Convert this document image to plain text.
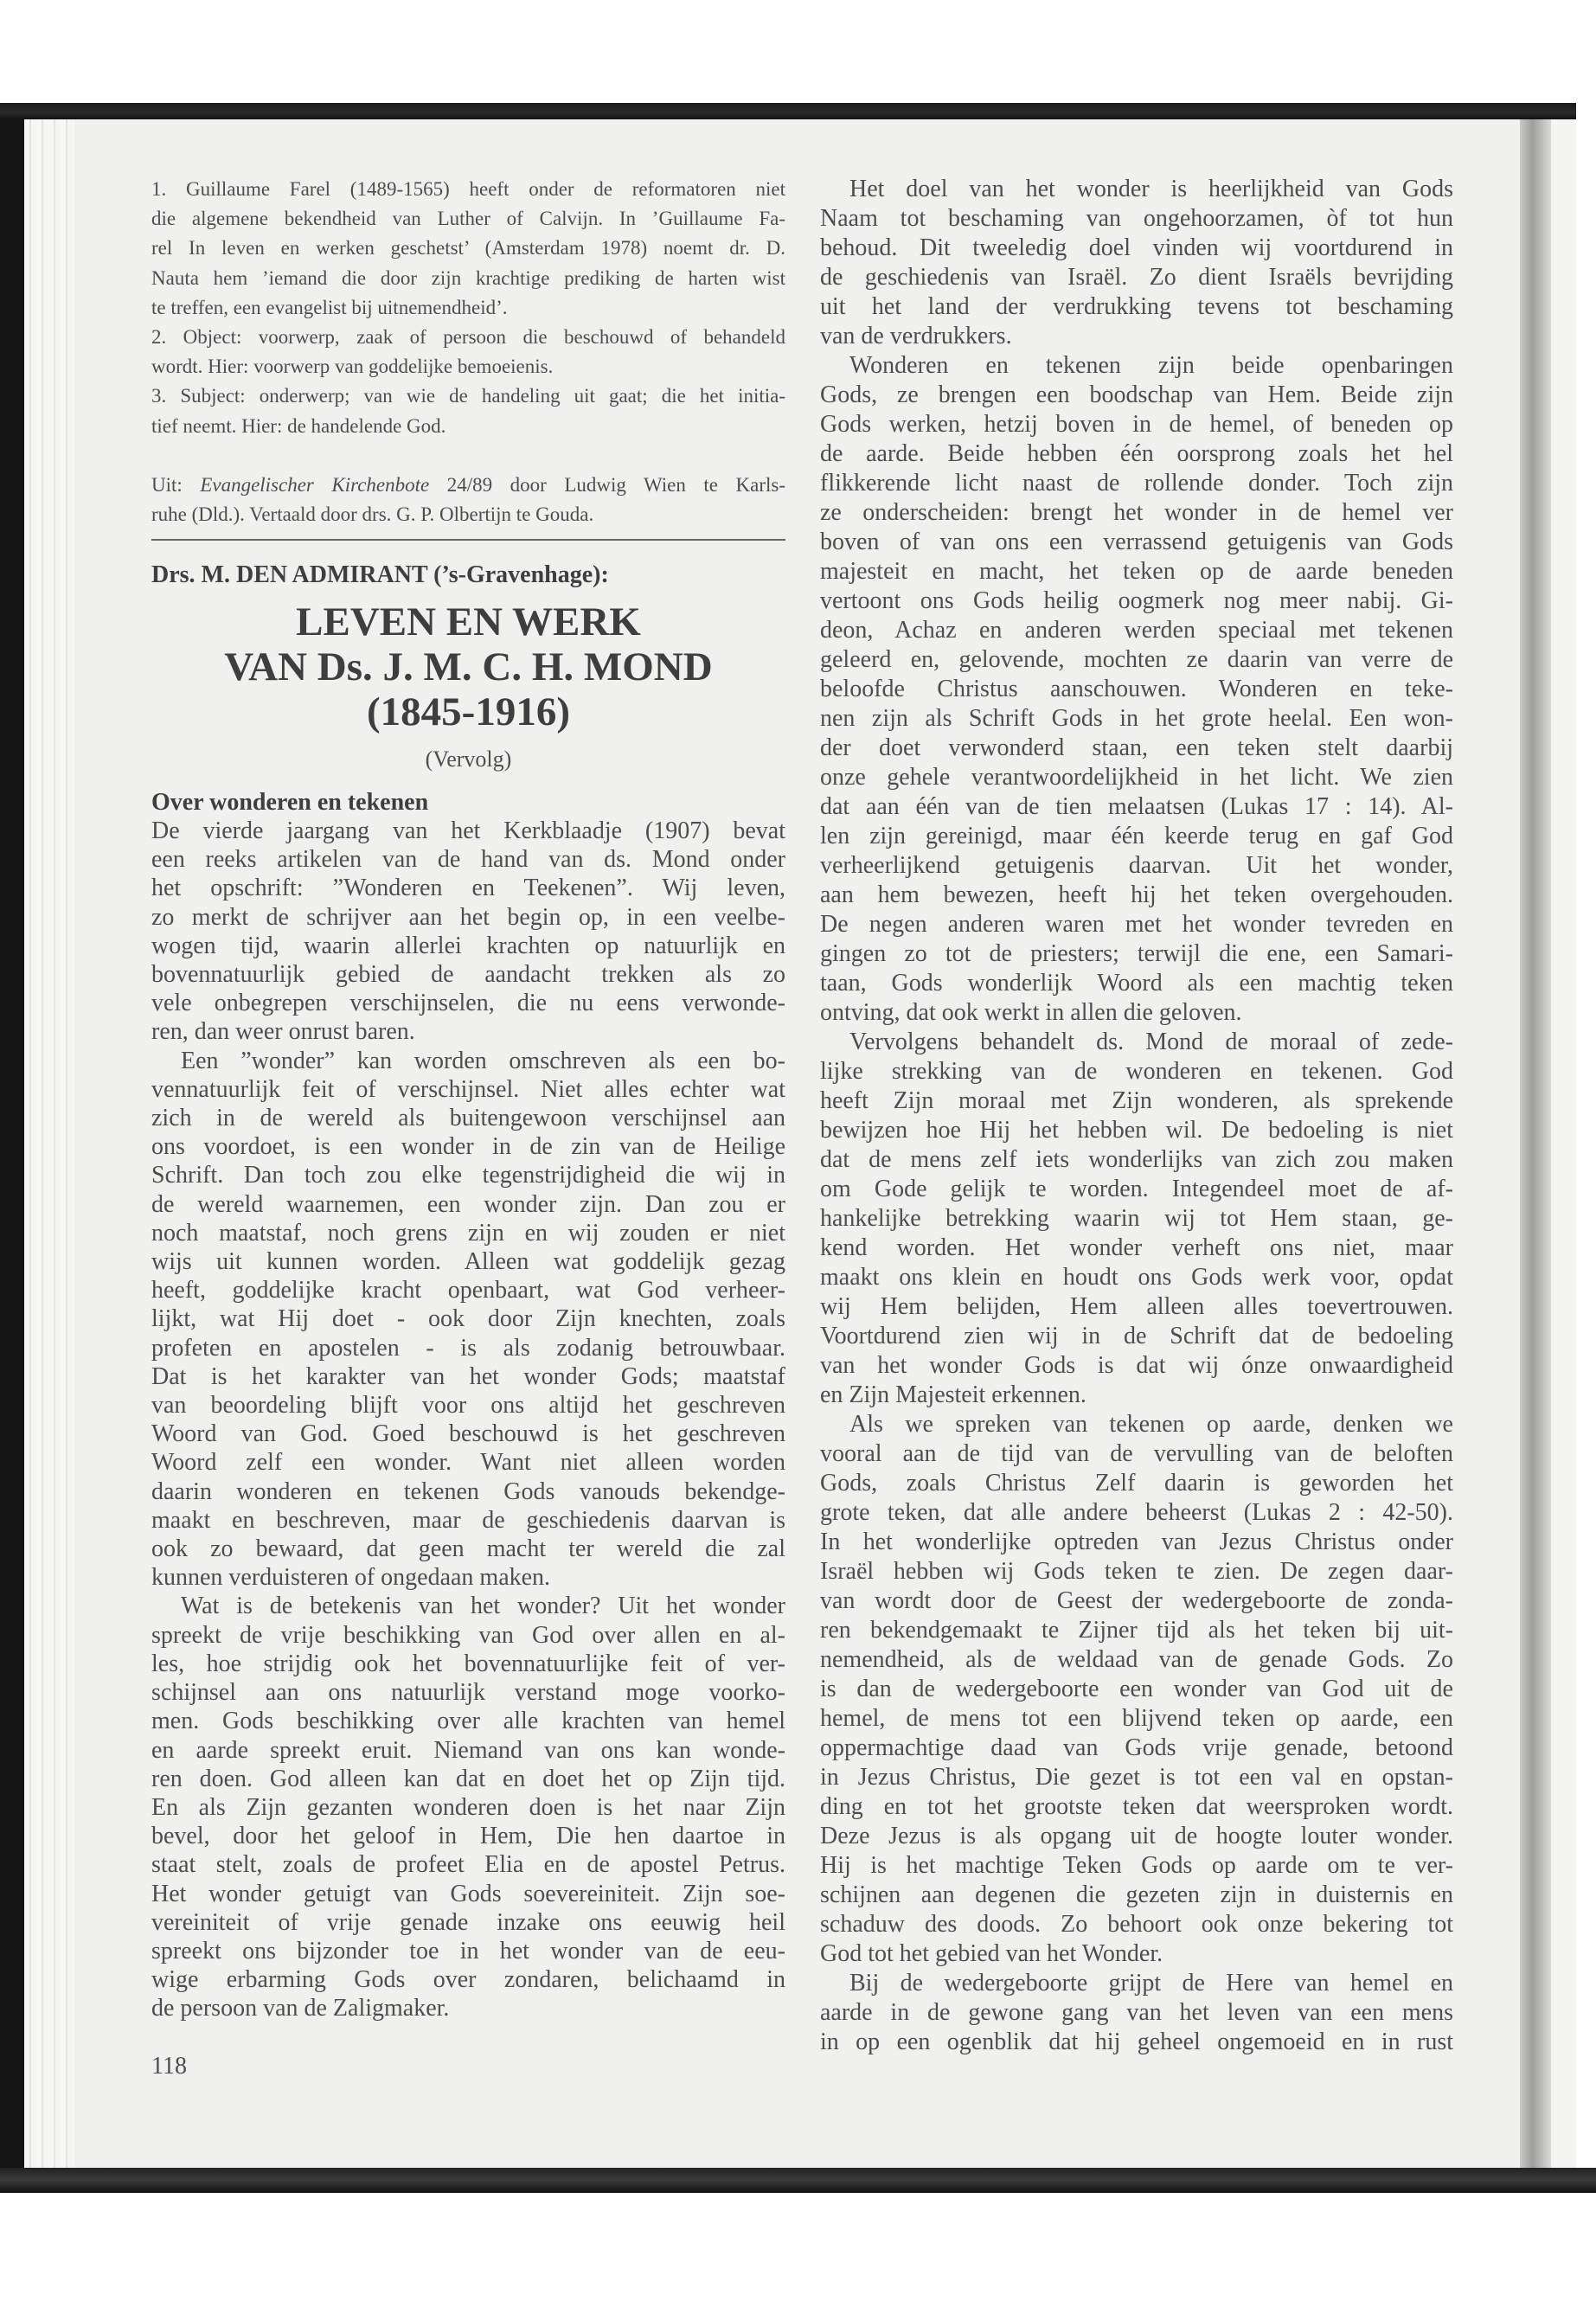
1. Guillaume Farel (1489-1565) heeft onder de reformatoren niet
die algemene bekendheid van Luther of Calvijn. In ’Guillaume Fa-
rel In leven en werken geschetst’ (Amsterdam 1978) noemt dr. D.
Nauta hem ’iemand die door zijn krachtige prediking de harten wist
te treffen, een evangelist bij uitnemendheid’.
2. Object: voorwerp, zaak of persoon die beschouwd of behandeld
wordt. Hier: voorwerp van goddelijke bemoeienis.
3. Subject: onderwerp; van wie de handeling uit gaat; die het initia-
tief neemt. Hier: de handelende God.
Uit: Evangelischer Kirchenbote 24/89 door Ludwig Wien te Karls-
ruhe (Dld.). Vertaald door drs. G. P. Olbertijn te Gouda.
Drs. M. DEN ADMIRANT (’s-Gravenhage):
LEVEN EN WERK
VAN Ds. J. M. C. H. MOND
(1845-1916)
(Vervolg)
Over wonderen en tekenen
De vierde jaargang van het Kerkblaadje (1907) bevat
een reeks artikelen van de hand van ds. Mond onder
het opschrift: ”Wonderen en Teekenen”. Wij leven,
zo merkt de schrijver aan het begin op, in een veelbe-
wogen tijd, waarin allerlei krachten op natuurlijk en
bovennatuurlijk gebied de aandacht trekken als zo
vele onbegrepen verschijnselen, die nu eens verwonde-
ren, dan weer onrust baren.
Een ”wonder” kan worden omschreven als een bo-
vennatuurlijk feit of verschijnsel. Niet alles echter wat
zich in de wereld als buitengewoon verschijnsel aan
ons voordoet, is een wonder in de zin van de Heilige
Schrift. Dan toch zou elke tegenstrijdigheid die wij in
de wereld waarnemen, een wonder zijn. Dan zou er
noch maatstaf, noch grens zijn en wij zouden er niet
wijs uit kunnen worden. Alleen wat goddelijk gezag
heeft, goddelijke kracht openbaart, wat God verheer-
lijkt, wat Hij doet - ook door Zijn knechten, zoals
profeten en apostelen - is als zodanig betrouwbaar.
Dat is het karakter van het wonder Gods; maatstaf
van beoordeling blijft voor ons altijd het geschreven
Woord van God. Goed beschouwd is het geschreven
Woord zelf een wonder. Want niet alleen worden
daarin wonderen en tekenen Gods vanouds bekendge-
maakt en beschreven, maar de geschiedenis daarvan is
ook zo bewaard, dat geen macht ter wereld die zal
kunnen verduisteren of ongedaan maken.
Wat is de betekenis van het wonder? Uit het wonder
spreekt de vrije beschikking van God over allen en al-
les, hoe strijdig ook het bovennatuurlijke feit of ver-
schijnsel aan ons natuurlijk verstand moge voorko-
men. Gods beschikking over alle krachten van hemel
en aarde spreekt eruit. Niemand van ons kan wonde-
ren doen. God alleen kan dat en doet het op Zijn tijd.
En als Zijn gezanten wonderen doen is het naar Zijn
bevel, door het geloof in Hem, Die hen daartoe in
staat stelt, zoals de profeet Elia en de apostel Petrus.
Het wonder getuigt van Gods soevereiniteit. Zijn soe-
vereiniteit of vrije genade inzake ons eeuwig heil
spreekt ons bijzonder toe in het wonder van de eeu-
wige erbarming Gods over zondaren, belichaamd in
de persoon van de Zaligmaker.
118
Het doel van het wonder is heerlijkheid van Gods
Naam tot beschaming van ongehoorzamen, òf tot hun
behoud. Dit tweeledig doel vinden wij voortdurend in
de geschiedenis van Israël. Zo dient Israëls bevrijding
uit het land der verdrukking tevens tot beschaming
van de verdrukkers.
Wonderen en tekenen zijn beide openbaringen
Gods, ze brengen een boodschap van Hem. Beide zijn
Gods werken, hetzij boven in de hemel, of beneden op
de aarde. Beide hebben één oorsprong zoals het hel
flikkerende licht naast de rollende donder. Toch zijn
ze onderscheiden: brengt het wonder in de hemel ver
boven of van ons een verrassend getuigenis van Gods
majesteit en macht, het teken op de aarde beneden
vertoont ons Gods heilig oogmerk nog meer nabij. Gi-
deon, Achaz en anderen werden speciaal met tekenen
geleerd en, gelovende, mochten ze daarin van verre de
beloofde Christus aanschouwen. Wonderen en teke-
nen zijn als Schrift Gods in het grote heelal. Een won-
der doet verwonderd staan, een teken stelt daarbij
onze gehele verantwoordelijkheid in het licht. We zien
dat aan één van de tien melaatsen (Lukas 17 : 14). Al-
len zijn gereinigd, maar één keerde terug en gaf God
verheerlijkend getuigenis daarvan. Uit het wonder,
aan hem bewezen, heeft hij het teken overgehouden.
De negen anderen waren met het wonder tevreden en
gingen zo tot de priesters; terwijl die ene, een Samari-
taan, Gods wonderlijk Woord als een machtig teken
ontving, dat ook werkt in allen die geloven.
Vervolgens behandelt ds. Mond de moraal of zede-
lijke strekking van de wonderen en tekenen. God
heeft Zijn moraal met Zijn wonderen, als sprekende
bewijzen hoe Hij het hebben wil. De bedoeling is niet
dat de mens zelf iets wonderlijks van zich zou maken
om Gode gelijk te worden. Integendeel moet de af-
hankelijke betrekking waarin wij tot Hem staan, ge-
kend worden. Het wonder verheft ons niet, maar
maakt ons klein en houdt ons Gods werk voor, opdat
wij Hem belijden, Hem alleen alles toevertrouwen.
Voortdurend zien wij in de Schrift dat de bedoeling
van het wonder Gods is dat wij ónze onwaardigheid
en Zijn Majesteit erkennen.
Als we spreken van tekenen op aarde, denken we
vooral aan de tijd van de vervulling van de beloften
Gods, zoals Christus Zelf daarin is geworden het
grote teken, dat alle andere beheerst (Lukas 2 : 42-50).
In het wonderlijke optreden van Jezus Christus onder
Israël hebben wij Gods teken te zien. De zegen daar-
van wordt door de Geest der wedergeboorte de zonda-
ren bekendgemaakt te Zijner tijd als het teken bij uit-
nemendheid, als de weldaad van de genade Gods. Zo
is dan de wedergeboorte een wonder van God uit de
hemel, de mens tot een blijvend teken op aarde, een
oppermachtige daad van Gods vrije genade, betoond
in Jezus Christus, Die gezet is tot een val en opstan-
ding en tot het grootste teken dat weersproken wordt.
Deze Jezus is als opgang uit de hoogte louter wonder.
Hij is het machtige Teken Gods op aarde om te ver-
schijnen aan degenen die gezeten zijn in duisternis en
schaduw des doods. Zo behoort ook onze bekering tot
God tot het gebied van het Wonder.
Bij de wedergeboorte grijpt de Here van hemel en
aarde in de gewone gang van het leven van een mens
in op een ogenblik dat hij geheel ongemoeid en in rust
